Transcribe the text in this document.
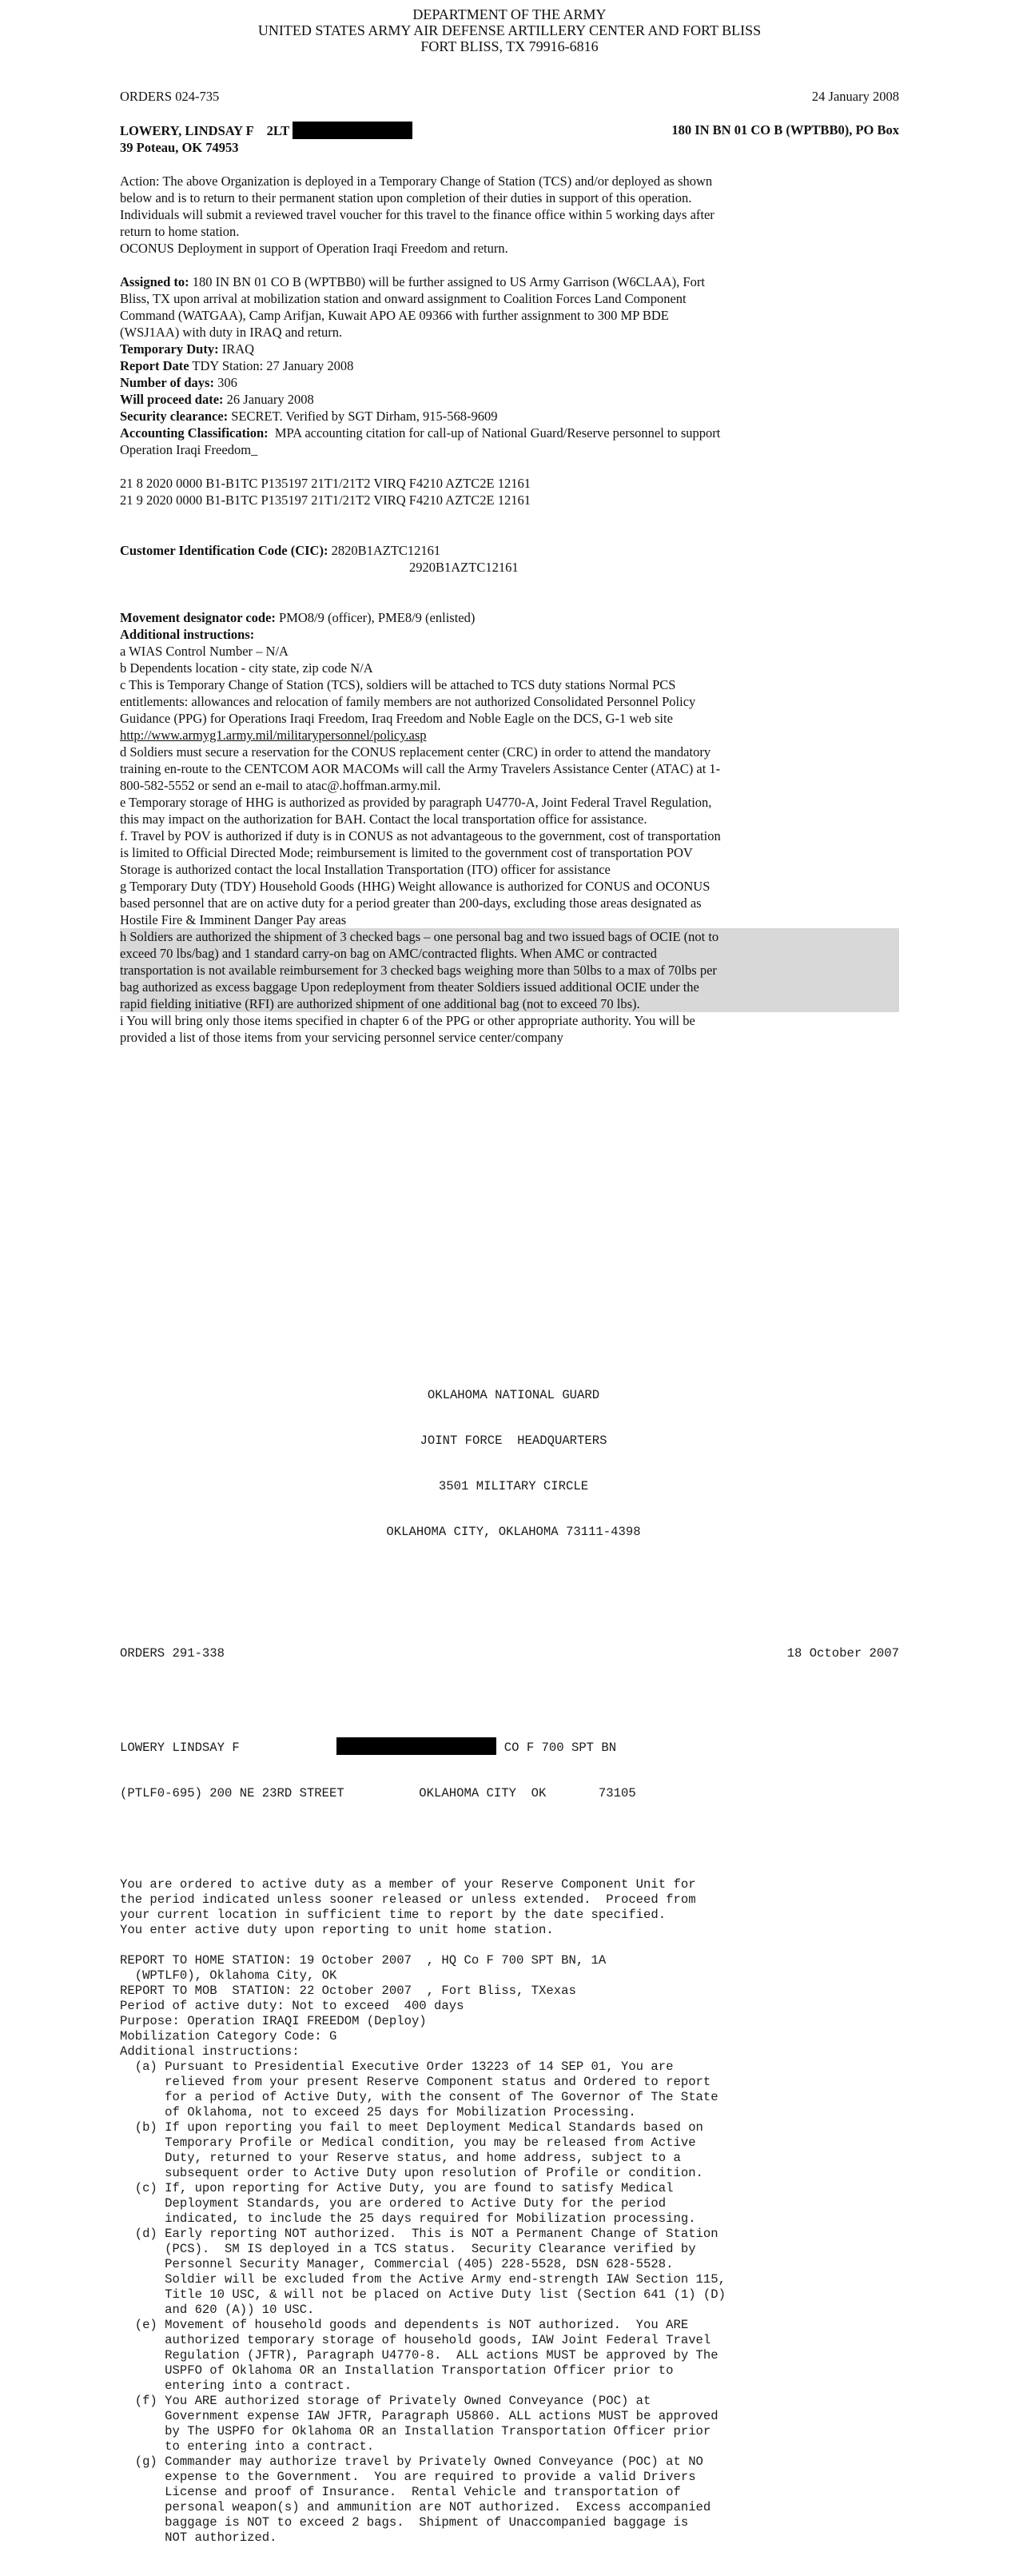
DEPARTMENT OF THE ARMY
UNITED STATES ARMY AIR DEFENSE ARTILLERY CENTER AND FORT BLISS
FORT BLISS, TX 79916-6816
ORDERS 024-735	24 January 2008
LOWERY, LINDSAY F    2LT	180 IN BN 01 CO B (WPTBB0), PO Box
39 Poteau, OK 74953
Action: The above Organization is deployed in a Temporary Change of Station (TCS) and/or deployed as shown
below and is to return to their permanent station upon completion of their duties in support of this operation.
Individuals will submit a reviewed travel voucher for this travel to the finance office within 5 working days after
return to home station.
OCONUS Deployment in support of Operation Iraqi Freedom and return.
Assigned to: 180 IN BN 01 CO B (WPTBB0) will be further assigned to US Army Garrison (W6CLAA), Fort
Bliss, TX upon arrival at mobilization station and onward assignment to Coalition Forces Land Component
Command (WATGAA), Camp Arifjan, Kuwait APO AE 09366 with further assignment to 300 MP BDE
(WSJ1AA) with duty in IRAQ and return.
Temporary Duty: IRAQ
Report Date TDY Station: 27 January 2008
Number of days: 306
Will proceed date: 26 January 2008
Security clearance: SECRET. Verified by SGT Dirham, 915-568-9609
Accounting Classification:  MPA accounting citation for call-up of National Guard/Reserve personnel to support
Operation Iraqi Freedom_
21 8 2020 0000 B1-B1TC P135197 21T1/21T2 VIRQ F4210 AZTC2E 12161
21 9 2020 0000 B1-B1TC P135197 21T1/21T2 VIRQ F4210 AZTC2E 12161
Customer Identification Code (CIC): 2820B1AZTC12161
2920B1AZTC12161
Movement designator code: PMO8/9 (officer), PME8/9 (enlisted)
Additional instructions:
a WIAS Control Number – N/A
b Dependents location - city state, zip code N/A
c This is Temporary Change of Station (TCS), soldiers will be attached to TCS duty stations Normal PCS
entitlements: allowances and relocation of family members are not authorized Consolidated Personnel Policy
Guidance (PPG) for Operations Iraqi Freedom, Iraq Freedom and Noble Eagle on the DCS, G-1 web site
http://www.armyg1.army.mil/militarypersonnel/policy.asp
d Soldiers must secure a reservation for the CONUS replacement center (CRC) in order to attend the mandatory
training en-route to the CENTCOM AOR MACOMs will call the Army Travelers Assistance Center (ATAC) at 1-
800-582-5552 or send an e-mail to atac@.hoffman.army.mil.
e Temporary storage of HHG is authorized as provided by paragraph U4770-A, Joint Federal Travel Regulation,
this may impact on the authorization for BAH. Contact the local transportation office for assistance.
f. Travel by POV is authorized if duty is in CONUS as not advantageous to the government, cost of transportation
is limited to Official Directed Mode; reimbursement is limited to the government cost of transportation POV
Storage is authorized contact the local Installation Transportation (ITO) officer for assistance
g Temporary Duty (TDY) Household Goods (HHG) Weight allowance is authorized for CONUS and OCONUS
based personnel that are on active duty for a period greater than 200-days, excluding those areas designated as
Hostile Fire & Imminent Danger Pay areas
h Soldiers are authorized the shipment of 3 checked bags – one personal bag and two issued bags of OCIE (not to
exceed 70 lbs/bag) and 1 standard carry-on bag on AMC/contracted flights. When AMC or contracted
transportation is not available reimbursement for 3 checked bags weighing more than 50lbs to a max of 70lbs per
bag authorized as excess baggage Upon redeployment from theater Soldiers issued additional OCIE under the
rapid fielding initiative (RFI) are authorized shipment of one additional bag (not to exceed 70 lbs).
i You will bring only those items specified in chapter 6 of the PPG or other appropriate authority. You will be
provided a list of those items from your servicing personnel service center/company

OKLAHOMA NATIONAL GUARD

JOINT FORCE  HEADQUARTERS

3501 MILITARY CIRCLE

OKLAHOMA CITY, OKLAHOMA 73111-4398

ORDERS 291-338	18 October 2007

LOWERY LINDSAY F	CO F 700 SPT BN

(PTLF0-695) 200 NE 23RD STREET          OKLAHOMA CITY  OK       73105

You are ordered to active duty as a member of your Reserve Component Unit for
the period indicated unless sooner released or unless extended.  Proceed from
your current location in sufficient time to report by the date specified.
You enter active duty upon reporting to unit home station.
REPORT TO HOME STATION: 19 October 2007  , HQ Co F 700 SPT BN, 1A
(WPTLF0), Oklahoma City, OK
REPORT TO MOB  STATION: 22 October 2007  , Fort Bliss, TXexas
Period of active duty: Not to exceed  400 days
Purpose: Operation IRAQI FREEDOM (Deploy)
Mobilization Category Code: G
Additional instructions:
(a) Pursuant to Presidential Executive Order 13223 of 14 SEP 01, You are
relieved from your present Reserve Component status and Ordered to report
for a period of Active Duty, with the consent of The Governor of The State
of Oklahoma, not to exceed 25 days for Mobilization Processing.
(b) If upon reporting you fail to meet Deployment Medical Standards based on
Temporary Profile or Medical condition, you may be released from Active
Duty, returned to your Reserve status, and home address, subject to a
subsequent order to Active Duty upon resolution of Profile or condition.
(c) If, upon reporting for Active Duty, you are found to satisfy Medical
Deployment Standards, you are ordered to Active Duty for the period
indicated, to include the 25 days required for Mobilization processing.
(d) Early reporting NOT authorized.  This is NOT a Permanent Change of Station
(PCS).  SM IS deployed in a TCS status.  Security Clearance verified by
Personnel Security Manager, Commercial (405) 228-5528, DSN 628-5528.
Soldier will be excluded from the Active Army end-strength IAW Section 115,
Title 10 USC, & will not be placed on Active Duty list (Section 641 (1) (D)
and 620 (A)) 10 USC.
(e) Movement of household goods and dependents is NOT authorized.  You ARE
authorized temporary storage of household goods, IAW Joint Federal Travel
Regulation (JFTR), Paragraph U4770-8.  ALL actions MUST be approved by The
USPFO of Oklahoma OR an Installation Transportation Officer prior to
entering into a contract.
(f) You ARE authorized storage of Privately Owned Conveyance (POC) at
Government expense IAW JFTR, Paragraph U5860. ALL actions MUST be approved
by The USPFO for Oklahoma OR an Installation Transportation Officer prior
to entering into a contract.
(g) Commander may authorize travel by Privately Owned Conveyance (POC) at NO
expense to the Government.  You are required to provide a valid Drivers
License and proof of Insurance.  Rental Vehicle and transportation of
personal weapon(s) and ammunition are NOT authorized.  Excess accompanied
baggage is NOT to exceed 2 bags.  Shipment of Unaccompanied baggage is
NOT authorized.
